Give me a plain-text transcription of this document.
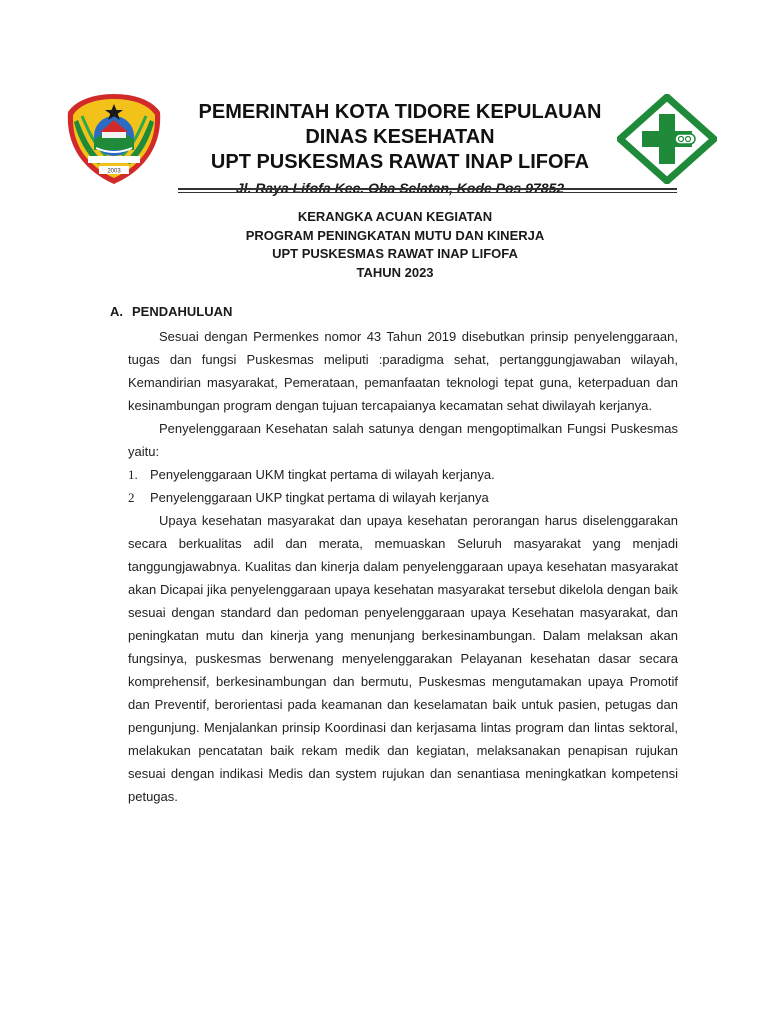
2003

PEMERINTAH KOTA TIDORE KEPULAUAN

DINAS KESEHATAN

UPT PUSKESMAS RAWAT INAP LIFOFA

Jl. Raya Lifofa Kec. Oba Selatan, Kode Pos 97852
KERANGKA ACUAN KEGIATAN
PROGRAM PENINGKATAN MUTU DAN KINERJA
UPT PUSKESMAS RAWAT INAP LIFOFA
TAHUN 2023
A. PENDAHULUAN

Sesuai dengan Permenkes nomor 43 Tahun 2019 disebutkan prinsip penyelenggaraan, tugas dan fungsi Puskesmas meliputi :paradigma sehat, pertanggungjawaban wilayah, Kemandirian masyarakat, Pemerataan, pemanfaatan teknologi tepat guna, keterpaduan dan kesinambungan program dengan tujuan tercapaianya kecamatan sehat diwilayah kerjanya.

Penyelenggaraan Kesehatan salah satunya dengan mengoptimalkan Fungsi Puskesmas yaitu:

1. Penyelenggaraan UKM tingkat pertama di wilayah kerjanya.

2 Penyelenggaraan UKP tingkat pertama di wilayah kerjanya

Upaya kesehatan masyarakat dan upaya kesehatan perorangan harus diselenggarakan secara berkualitas adil dan merata, memuaskan Seluruh masyarakat yang menjadi tanggungjawabnya. Kualitas dan kinerja dalam penyelenggaraan upaya kesehatan masyarakat akan Dicapai jika penyelenggaraan upaya kesehatan masyarakat tersebut dikelola dengan baik sesuai dengan standard dan pedoman penyelenggaraan upaya Kesehatan masyarakat, dan peningkatan mutu dan kinerja yang menunjang berkesinambungan. Dalam melaksan akan fungsinya, puskesmas berwenang menyelenggarakan Pelayanan kesehatan dasar secara komprehensif, berkesinambungan dan bermutu, Puskesmas mengutamakan upaya Promotif dan Preventif, berorientasi pada keamanan dan keselamatan baik untuk pasien, petugas dan pengunjung. Menjalankan prinsip Koordinasi dan kerjasama lintas program dan lintas sektoral, melakukan pencatatan baik rekam medik dan kegiatan, melaksanakan penapisan rujukan sesuai dengan indikasi Medis dan system rujukan dan senantiasa meningkatkan kompetensi petugas.
